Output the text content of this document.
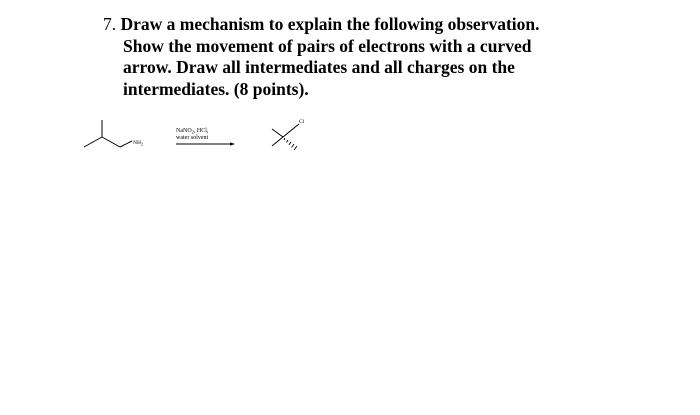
7. Draw a mechanism to explain the following observation.
Show the movement of pairs of electrons with a curved
arrow. Draw all intermediates and all charges on the
intermediates. (8 points).
$NH_2$
NaNO$_2$, HCl,
water solvent
Cl
